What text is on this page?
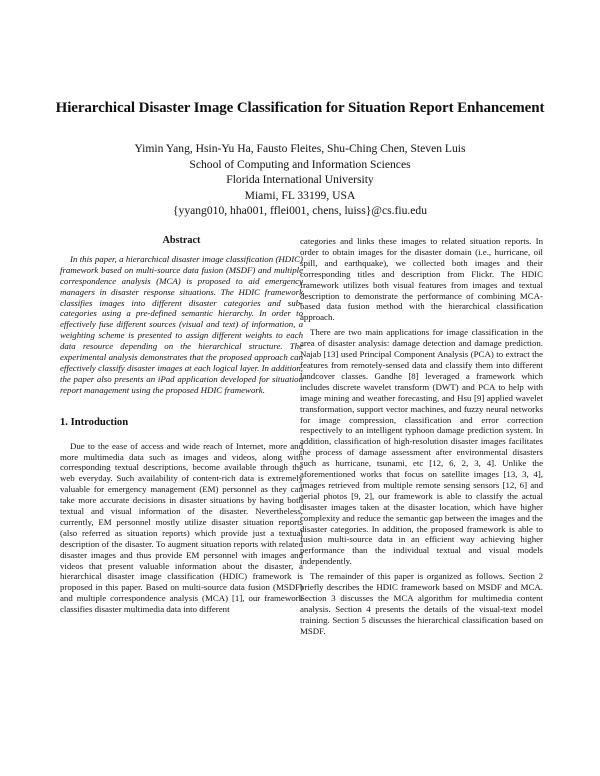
Hierarchical Disaster Image Classification for Situation Report Enhancement
Yimin Yang, Hsin-Yu Ha, Fausto Fleites, Shu-Ching Chen, Steven Luis
School of Computing and Information Sciences
Florida International University
Miami, FL 33199, USA
{yyang010, hha001, fflei001, chens, luiss}@cs.fiu.edu
Abstract

In this paper, a hierarchical disaster image classification (HDIC) framework based on multi-source data fusion (MSDF) and multiple correspondence analysis (MCA) is proposed to aid emergency managers in disaster response situations. The HDIC framework classifies images into different disaster categories and sub-categories using a pre-defined semantic hierarchy. In order to effectively fuse different sources (visual and text) of information, a weighting scheme is presented to assign different weights to each data resource depending on the hierarchical structure. The experimental analysis demonstrates that the proposed approach can effectively classify disaster images at each logical layer. In addition, the paper also presents an iPad application developed for situation report management using the proposed HDIC framework.

1. Introduction

Due to the ease of access and wide reach of Internet, more and more multimedia data such as images and videos, along with corresponding textual descriptions, become available through the web everyday. Such availability of content-rich data is extremely valuable for emergency management (EM) personnel as they can take more accurate decisions in disaster situations by having both textual and visual information of the disaster. Nevertheless, currently, EM personnel mostly utilize disaster situation reports (also referred as situation reports) which provide just a textual description of the disaster. To augment situation reports with related disaster images and thus provide EM personnel with images and videos that present valuable information about the disaster, a hierarchical disaster image classification (HDIC) framework is proposed in this paper. Based on multi-source data fusion (MSDF) and multiple correspondence analysis (MCA) [1], our framework classifies disaster multimedia data into different

categories and links these images to related situation reports. In order to obtain images for the disaster domain (i.e., hurricane, oil spill, and earthquake), we collected both images and their corresponding titles and description from Flickr. The HDIC framework utilizes both visual features from images and textual description to demonstrate the performance of combining MCA-based data fusion method with the hierarchical classification approach.

There are two main applications for image classification in the area of disaster analysis: damage detection and damage prediction. Najab [13] used Principal Component Analysis (PCA) to extract the features from remotely-sensed data and classify them into different landcover classes. Gandhe [8] leveraged a framework which includes discrete wavelet transform (DWT) and PCA to help with image mining and weather forecasting, and Hsu [9] applied wavelet transformation, support vector machines, and fuzzy neural networks for image compression, classification and error correction respectively to an intelligent typhoon damage prediction system. In addition, classification of high-resolution disaster images facilitates the process of damage assessment after environmental disasters such as hurricane, tsunami, etc [12, 6, 2, 3, 4]. Unlike the aforementioned works that focus on satellite images [13, 3, 4], images retrieved from multiple remote sensing sensors [12, 6] and aerial photos [9, 2], our framework is able to classify the actual disaster images taken at the disaster location, which have higher complexity and reduce the semantic gap between the images and the disaster categories. In addition, the proposed framework is able to fusion multi-source data in an efficient way achieving higher performance than the individual textual and visual models independently.

The remainder of this paper is organized as follows. Section 2 briefly describes the HDIC framework based on MSDF and MCA. Section 3 discusses the MCA algorithm for multimedia content analysis. Section 4 presents the details of the visual-text model training. Section 5 discusses the hierarchical classification based on MSDF.
